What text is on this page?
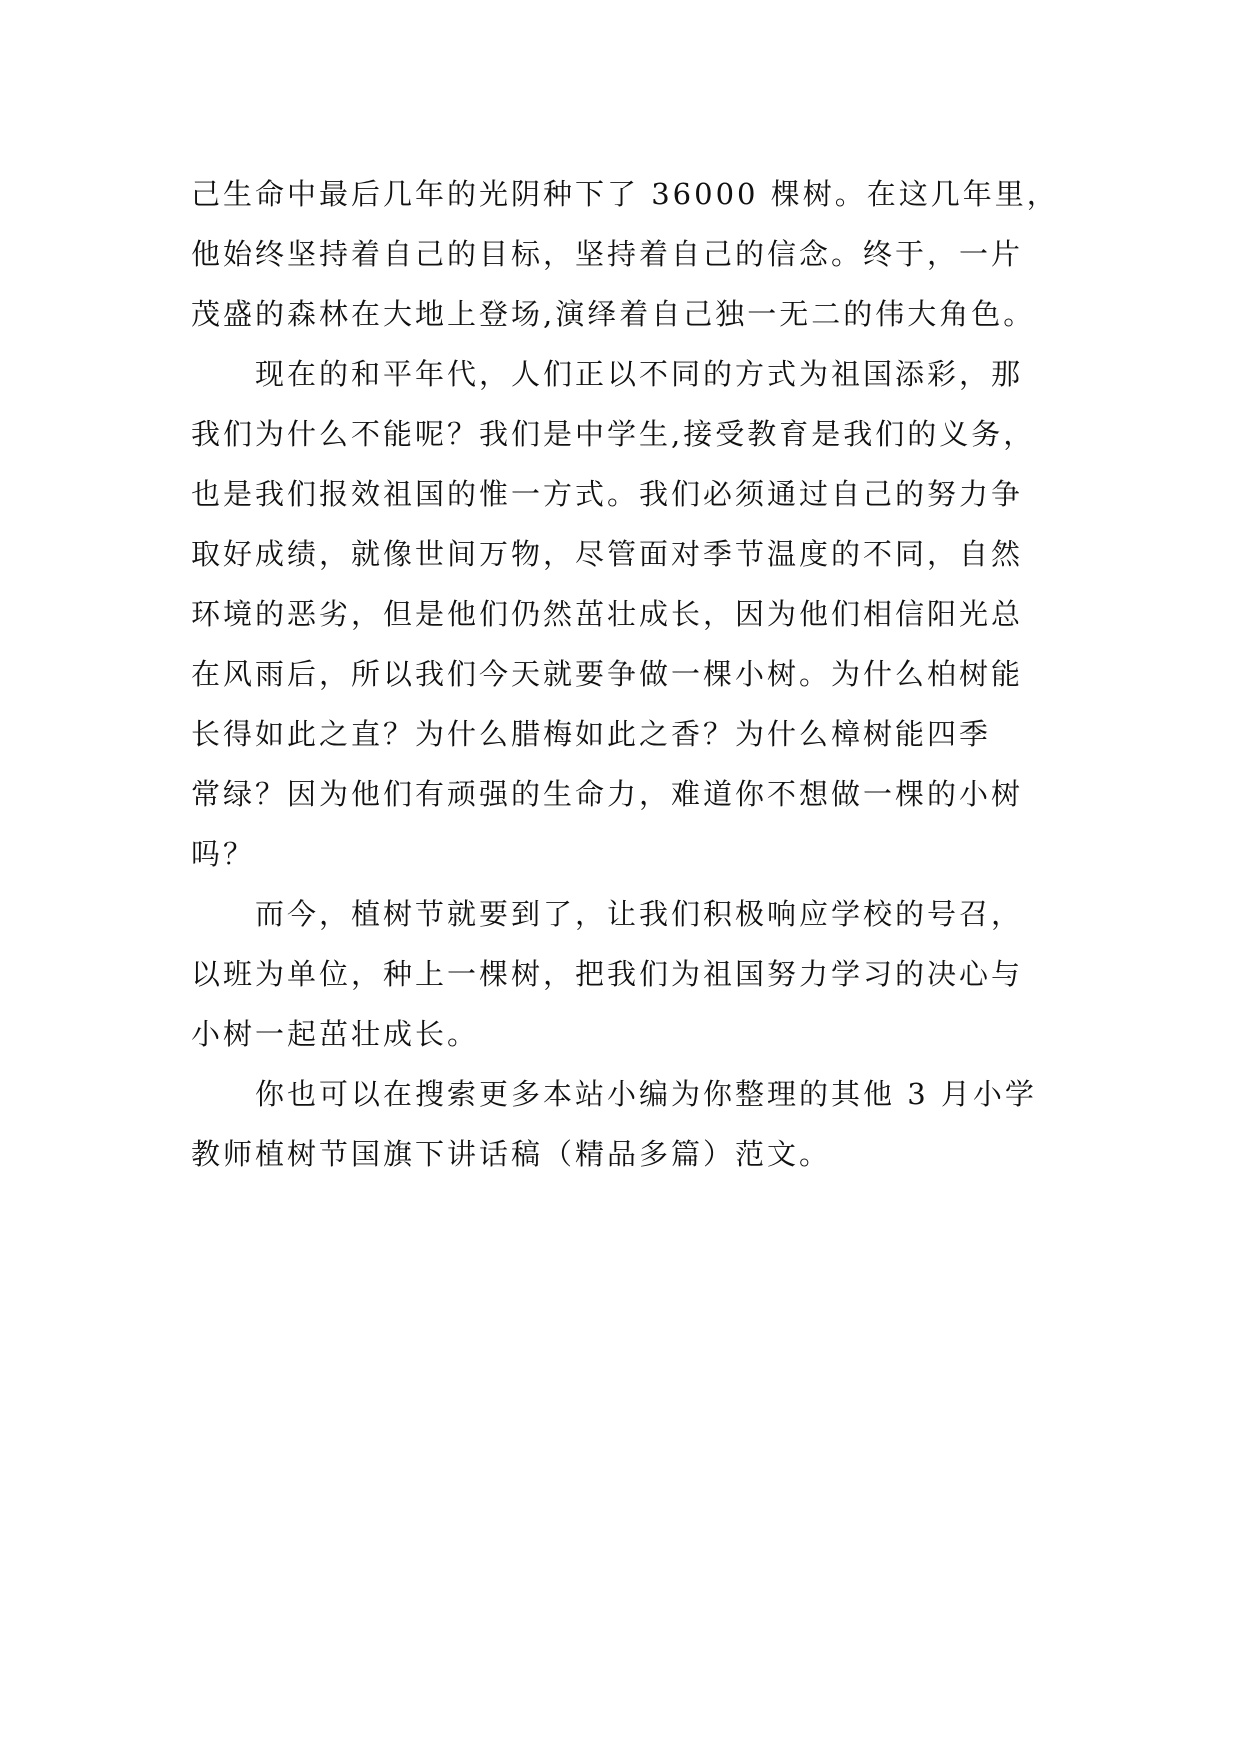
己生命中最后几年的光阴种下了 36000 棵树。在这几年里，
他始终坚持着自己的目标，坚持着自己的信念。终于，一片
茂盛的森林在大地上登场,演绎着自己独一无二的伟大角色。
现在的和平年代，人们正以不同的方式为祖国添彩，那
我们为什么不能呢？我们是中学生,接受教育是我们的义务，
也是我们报效祖国的惟一方式。我们必须通过自己的努力争
取好成绩，就像世间万物，尽管面对季节温度的不同，自然
环境的恶劣，但是他们仍然茁壮成长，因为他们相信阳光总
在风雨后，所以我们今天就要争做一棵小树。为什么柏树能
长得如此之直？为什么腊梅如此之香？为什么樟树能四季
常绿？因为他们有顽强的生命力，难道你不想做一棵的小树
吗？
而今，植树节就要到了，让我们积极响应学校的号召，
以班为单位，种上一棵树，把我们为祖国努力学习的决心与
小树一起茁壮成长。
你也可以在搜索更多本站小编为你整理的其他 3 月小学
教师植树节国旗下讲话稿（精品多篇）范文。
